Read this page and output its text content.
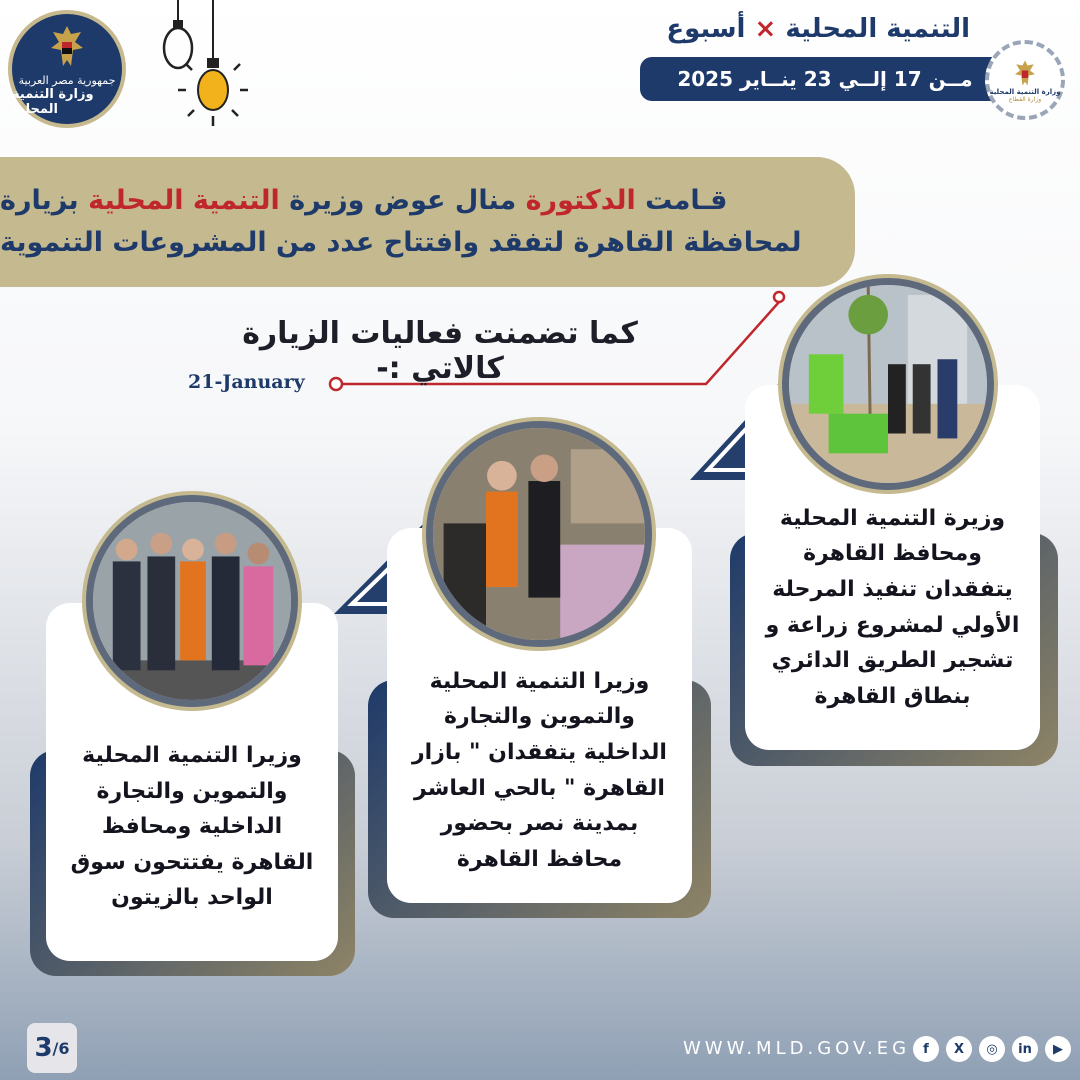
جمهورية مصر العربية
وزارة التنمية المحلية
التنمية المحلية × أسبوع
مــن 17 إلــي 23 ينــاير 2025
وزارة التنمية المحلية
وزارة القطاع
قـامت الدكتورة منال عوض وزيرة التنمية المحلية بزيارة
لمحافظة القاهرة لتفقد وافتتاح عدد من المشروعات التنموية
كما تضمنت فعاليات الزيارة كالاتي :-
21-January
وزيرة التنمية المحلية ومحافظ القاهرة يتفقدان تنفيذ المرحلة الأولي لمشروع زراعة و تشجير الطريق الدائري بنطاق القاهرة
وزيرا التنمية المحلية والتموين والتجارة الداخلية يتفقدان " بازار القاهرة " بالحي العاشر بمدينة نصر بحضور محافظ القاهرة
وزيرا التنمية المحلية والتموين والتجارة الداخلية ومحافظ القاهرة يفتتحون سوق الواحد بالزيتون
3 /6	WWW.MLD.GOV.EG	f	X	◎	in	▶
